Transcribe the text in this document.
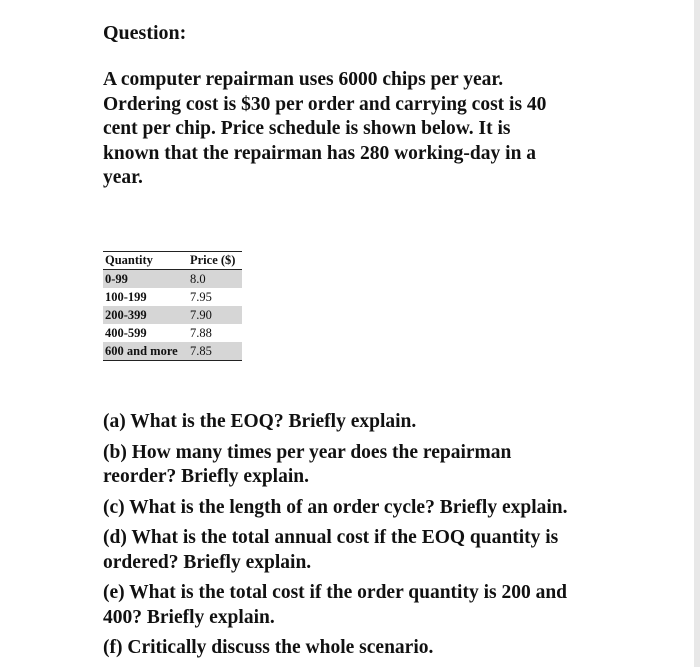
Question:
A computer repairman uses 6000 chips per year.
Ordering cost is $30 per order and carrying cost is 40
cent per chip. Price schedule is shown below. It is
known that the repairman has 280 working-day in a
year.
Quantity	Price ($)
0-99	8.0
100-199	7.95
200-399	7.90
400-599	7.88
600 and more	7.85
(a) What is the EOQ? Briefly explain.
(b) How many times per year does the repairman
reorder? Briefly explain.
(c) What is the length of an order cycle? Briefly explain.
(d) What is the total annual cost if the EOQ quantity is
ordered? Briefly explain.
(e) What is the total cost if the order quantity is 200 and
400? Briefly explain.
(f) Critically discuss the whole scenario.
